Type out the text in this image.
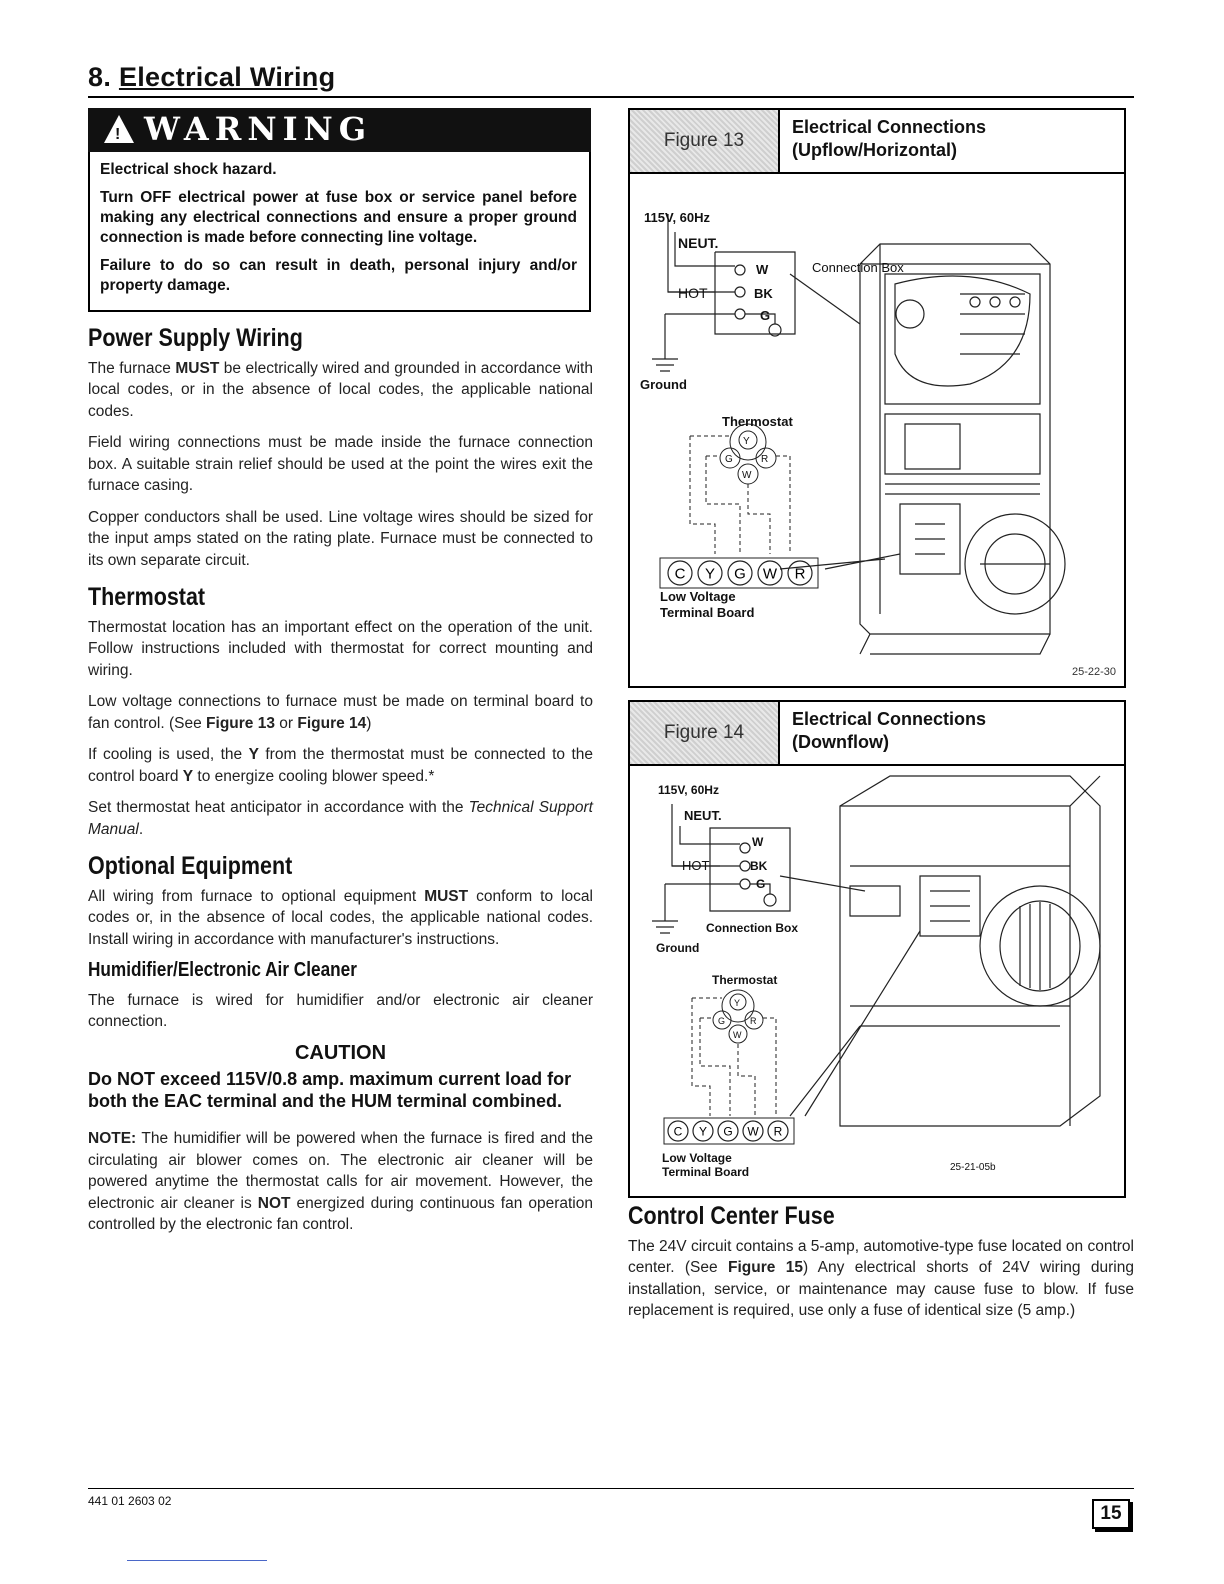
8. Electrical Wiring
! WARNING

Electrical shock hazard.

Turn OFF electrical power at fuse box or service panel before making any electrical connections and ensure a proper ground connection is made before connecting line voltage.

Failure to do so can result in death, personal injury and/or property damage.

Power Supply Wiring

The furnace MUST be electrically wired and grounded in accordance with local codes, or in the absence of local codes, the applicable national codes.

Field wiring connections must be made inside the furnace connection box. A suitable strain relief should be used at the point the wires exit the furnace casing.

Copper conductors shall be used. Line voltage wires should be sized for the input amps stated on the rating plate. Furnace must be connected to its own separate circuit.

Thermostat

Thermostat location has an important effect on the operation of the unit. Follow instructions included with thermostat for correct mounting and wiring.

Low voltage connections to furnace must be made on terminal board to fan control. (See Figure 13 or Figure 14)

If cooling is used, the Y from the thermostat must be connected to the control board Y to energize cooling blower speed.*

Set thermostat heat anticipator in accordance with the Technical Support Manual.

Optional Equipment

All wiring from furnace to optional equipment MUST conform to local codes or, in the absence of local codes, the applicable national codes. Install wiring in accordance with manufacturer's instructions.

Humidifier/Electronic Air Cleaner

The furnace is wired for humidifier and/or electronic air cleaner connection.

CAUTION
Do NOT exceed 115V/0.8 amp. maximum current load for both the EAC terminal and the HUM terminal combined.

NOTE: The humidifier will be powered when the furnace is fired and the circulating air blower comes on. The electronic air cleaner will be powered anytime the thermostat calls for air movement. However, the electronic air cleaner is NOT energized during continuous fan operation controlled by the electronic fan control.

Figure 13
Electrical Connections
(Upflow/Horizontal)
115V, 60Hz
NEUT.
HOT
W
BK
G
Connection Box
Ground
Thermostat
Y
G	R
W
Low Voltage
Terminal Board
C Y G W R
25-22-30
Figure 14
Electrical Connections
(Downflow)
115V, 60Hz
NEUT.
HOT
W
BK
G
Connection Box
Ground
Thermostat
Y
G	R
W
Low Voltage
Terminal Board	25-21-05b
C Y G W R
Control Center Fuse

The 24V circuit contains a 5-amp, automotive-type fuse located on control center. (See Figure 15) Any electrical shorts of 24V wiring during installation, service, or maintenance may cause fuse to blow. If fuse replacement is required, use only a fuse of identical size (5 amp.)

441 01 2603 02
15
